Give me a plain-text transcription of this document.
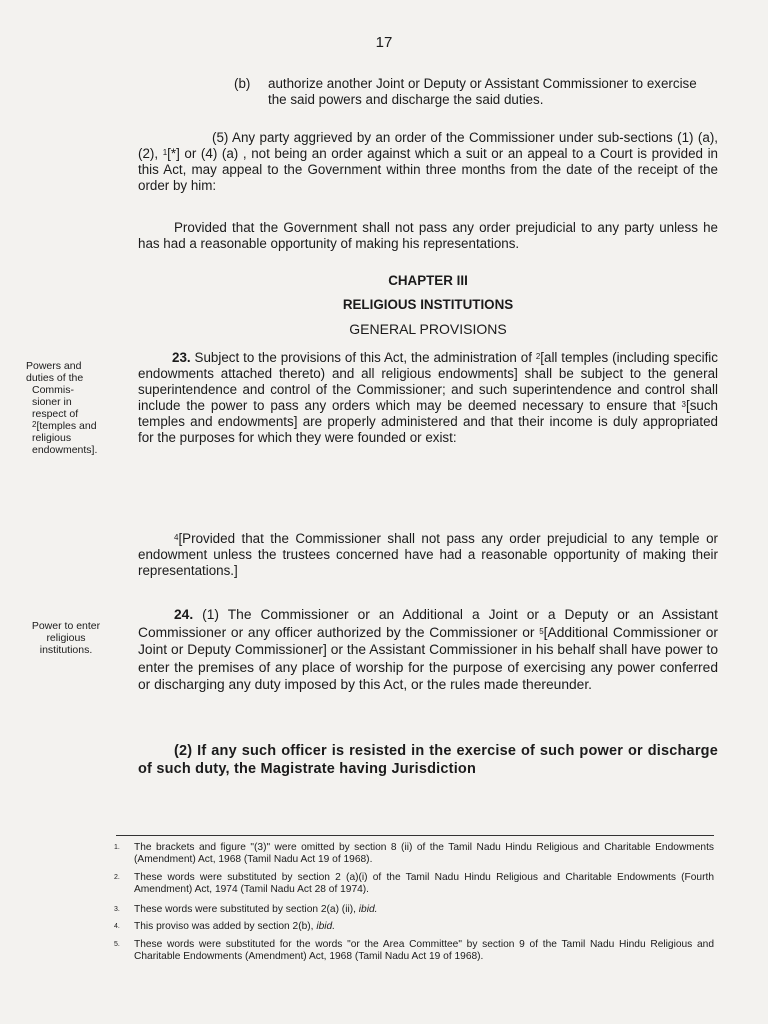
17
(b) authorize another Joint or Deputy or Assistant Commissioner to exercise the said powers and discharge the said duties.

(5) Any party aggrieved by an order of the Commissioner under sub-sections (1) (a), (2), $^1$[*] or (4) (a) , not being an order against which a suit or an appeal to a Court is provided in this Act, may appeal to the Government within three months from the date of the receipt of the order by him:

Provided that the Government shall not pass any order prejudicial to any party unless he has had a reasonable opportunity of making his representations.

CHAPTER III
RELIGIOUS INSTITUTIONS
GENERAL PROVISIONS
Powers and
duties of the
Commis-
sioner in
respect of
$^2$[temples and
religious
endowments].

23. Subject to the provisions of this Act, the administration of $^2$[all temples (including specific endowments attached thereto) and all religious endowments] shall be subject to the general superintendence and control of the Commissioner; and such superintendence and control shall include the power to pass any orders which may be deemed necessary to ensure that $^3$[such temples and endowments] are properly administered and that their income is duly appropriated for the purposes for which they were founded or exist:

$^4$[Provided that the Commissioner shall not pass any order prejudicial to any temple or endowment unless the trustees concerned have had a reasonable opportunity of making their representations.]

Power to enter
religious
institutions.

24. (1) The Commissioner or an Additional a Joint or a Deputy or an Assistant Commissioner or any officer authorized by the Commissioner or $^5$[Additional Commissioner or Joint or Deputy Commissioner] or the Assistant Commissioner in his behalf shall have power to enter the premises of any place of worship for the purpose of exercising any power conferred or discharging any duty imposed by this Act, or the rules made thereunder.

(2) If any such officer is resisted in the exercise of such power or discharge of such duty, the Magistrate having Jurisdiction

1. The brackets and figure "(3)" were omitted by section 8 (ii) of the Tamil Nadu Hindu Religious and Charitable Endowments (Amendment) Act, 1968 (Tamil Nadu Act 19 of 1968).
2. These words were substituted by section 2 (a)(i) of the Tamil Nadu Hindu Religious and Charitable Endowments (Fourth Amendment) Act, 1974 (Tamil Nadu Act 28 of 1974).
3. These words were substituted by section 2(a) (ii), ibid.
4. This proviso was added by section 2(b), ibid.
5. These words were substituted for the words "or the Area Committee" by section 9 of the Tamil Nadu Hindu Religious and Charitable Endowments (Amendment) Act, 1968 (Tamil Nadu Act 19 of 1968).
